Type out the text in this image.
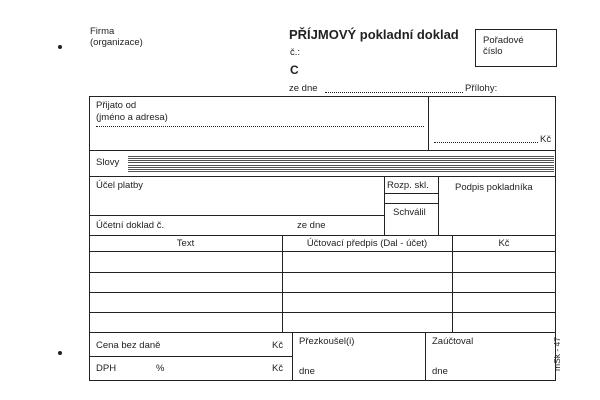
Firma
(organizace)
PŘÍJMOVÝ pokladní doklad
č.:
C
Pořadové
číslo
ze dne	Přílohy:
Přijato od
(jméno a adresa)
Kč
Slovy
Účel platby	Rozp. skl.	Podpis pokladníka
Schválil
Účetní doklad č.	ze dne
Text	Účtovací předpis (Dal - účet)	Kč
Cena bez daně	Kč
DPH	%	Kč
Přezkoušel(i)
dne
Zaúčtoval
dne
mSk - 47
